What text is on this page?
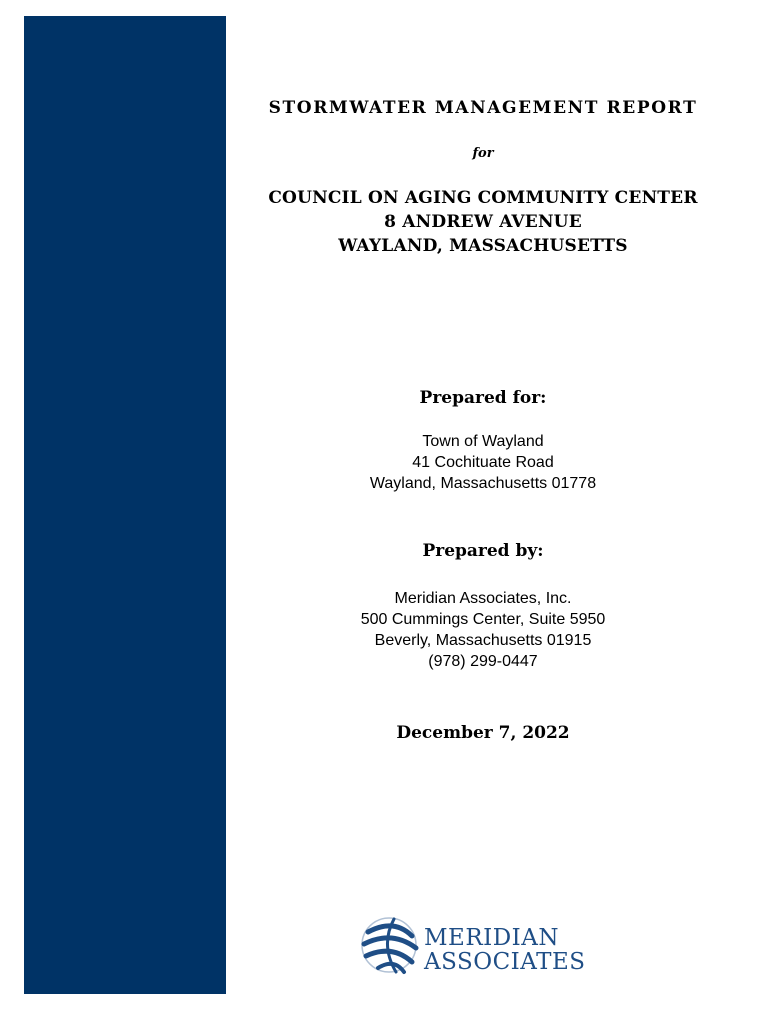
STORMWATER MANAGEMENT REPORT
for
COUNCIL ON AGING COMMUNITY CENTER
8 ANDREW AVENUE
WAYLAND, MASSACHUSETTS
Prepared for:
Town of Wayland
41 Cochituate Road
Wayland, Massachusetts 01778
Prepared by:
Meridian Associates, Inc.
500 Cummings Center, Suite 5950
Beverly, Massachusetts 01915
(978) 299-0447
December 7, 2022
MERIDIAN
ASSOCIATES
